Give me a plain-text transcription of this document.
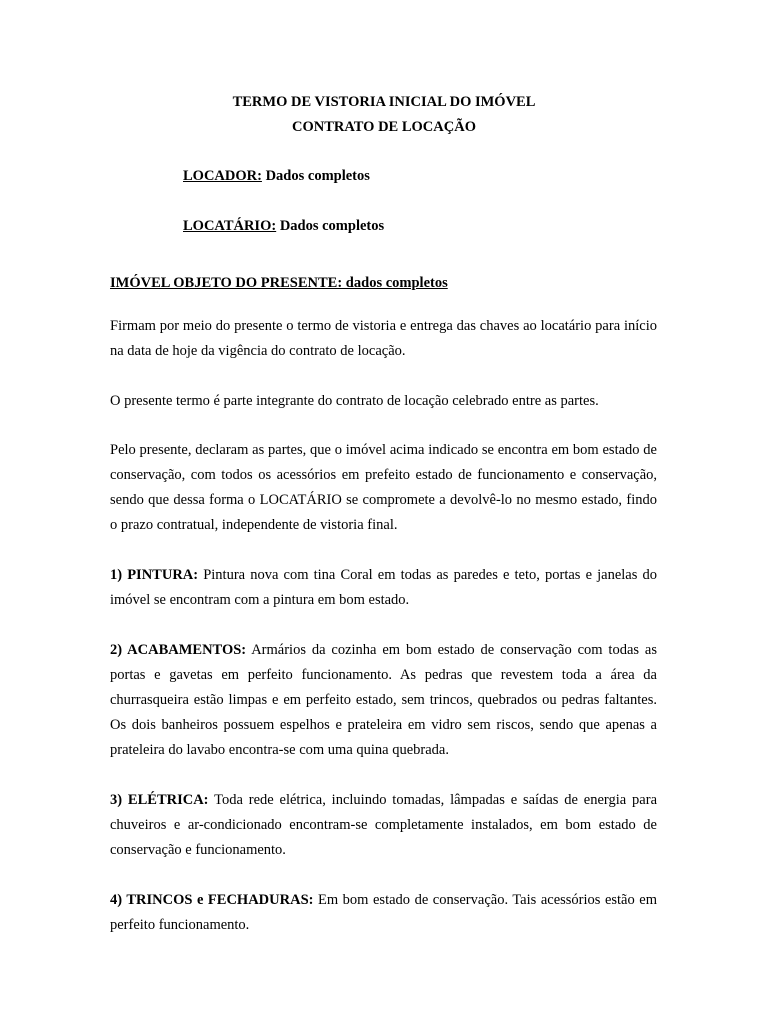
TERMO DE VISTORIA INICIAL DO IMÓVEL

CONTRATO DE LOCAÇÃO

LOCADOR: Dados completos

LOCATÁRIO: Dados completos

IMÓVEL OBJETO DO PRESENTE: dados completos

Firmam por meio do presente o termo de vistoria e entrega das chaves ao locatário para início na data de hoje da vigência do contrato de locação.

O presente termo é parte integrante do contrato de locação celebrado entre as partes.

Pelo presente, declaram as partes, que o imóvel acima indicado se encontra em bom estado de conservação, com todos os acessórios em prefeito estado de funcionamento e conservação, sendo que dessa forma o LOCATÁRIO se compromete a devolvê-lo no mesmo estado, findo o prazo contratual, independente de vistoria final.

1) PINTURA: Pintura nova com tina Coral em todas as paredes e teto, portas e janelas do imóvel se encontram com a pintura em bom estado.

2) ACABAMENTOS: Armários da cozinha em bom estado de conservação com todas as portas e gavetas em perfeito funcionamento. As pedras que revestem toda a área da churrasqueira estão limpas e em perfeito estado, sem trincos, quebrados ou pedras faltantes. Os dois banheiros possuem espelhos e prateleira em vidro sem riscos, sendo que apenas a prateleira do lavabo encontra-se com uma quina quebrada.

3) ELÉTRICA: Toda rede elétrica, incluindo tomadas, lâmpadas e saídas de energia para chuveiros e ar-condicionado encontram-se completamente instalados, em bom estado de conservação e funcionamento.

4) TRINCOS e FECHADURAS: Em bom estado de conservação. Tais acessórios estão em perfeito funcionamento.
